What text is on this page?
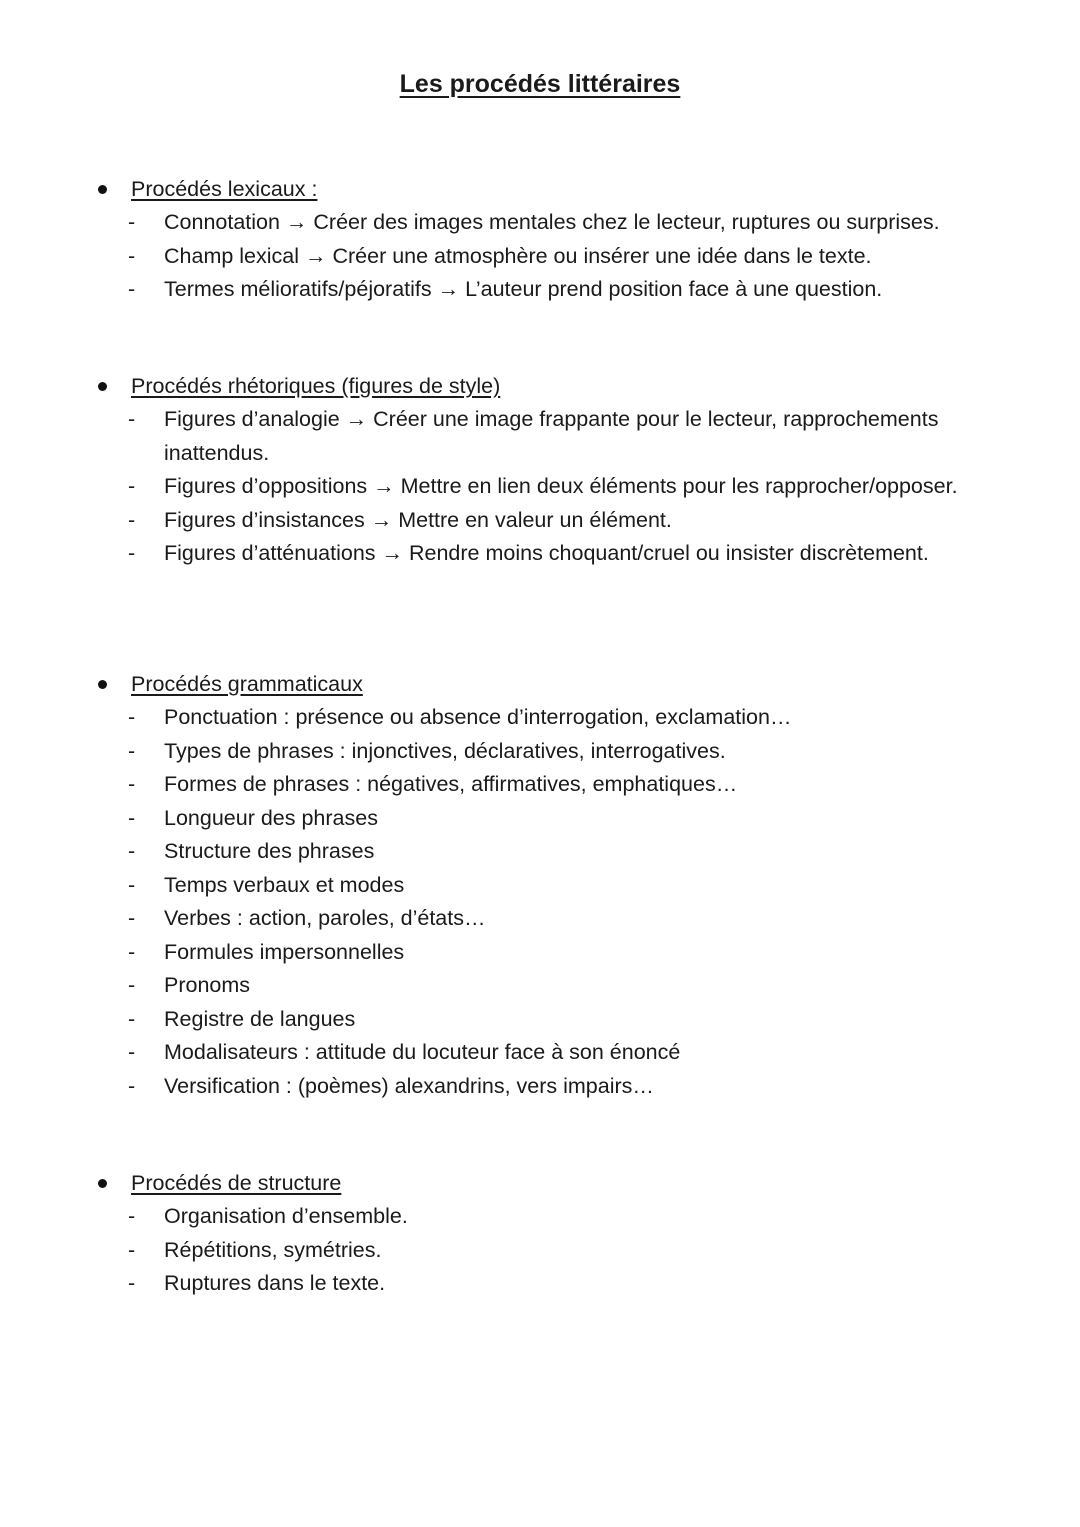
Les procédés littéraires
Procédés lexicaux :
- Connotation → Créer des images mentales chez le lecteur, ruptures ou surprises.
- Champ lexical → Créer une atmosphère ou insérer une idée dans le texte.
- Termes mélioratifs/péjoratifs → L’auteur prend position face à une question.
Procédés rhétoriques (figures de style)
- Figures d’analogie → Créer une image frappante pour le lecteur, rapprochements inattendus.
- Figures d’oppositions → Mettre en lien deux éléments pour les rapprocher/opposer.
- Figures d’insistances → Mettre en valeur un élément.
- Figures d’atténuations → Rendre moins choquant/cruel ou insister discrètement.
Procédés grammaticaux
- Ponctuation : présence ou absence d’interrogation, exclamation…
- Types de phrases : injonctives, déclaratives, interrogatives.
- Formes de phrases : négatives, affirmatives, emphatiques…
- Longueur des phrases
- Structure des phrases
- Temps verbaux et modes
- Verbes : action, paroles, d’états…
- Formules impersonnelles
- Pronoms
- Registre de langues
- Modalisateurs : attitude du locuteur face à son énoncé
- Versification : (poèmes) alexandrins, vers impairs…
Procédés de structure
- Organisation d’ensemble.
- Répétitions, symétries.
- Ruptures dans le texte.
